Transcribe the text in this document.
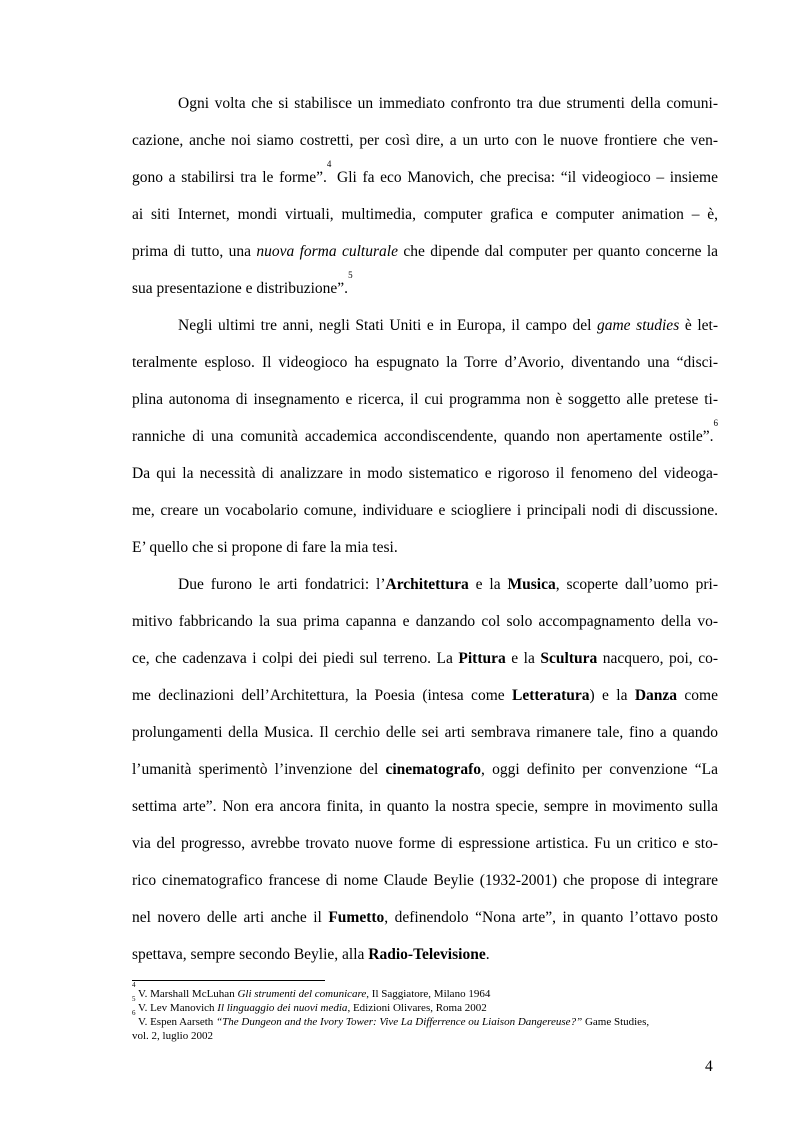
Ogni volta che si stabilisce un immediato confronto tra due strumenti della comuni-
cazione, anche noi siamo costretti, per così dire, a un urto con le nuove frontiere che ven-
gono a stabilirsi tra le forme”.$^4$ Gli fa eco Manovich, che precisa: “il videogioco – insieme
ai siti Internet, mondi virtuali, multimedia, computer grafica e computer animation – è,
prima di tutto, una nuova forma culturale che dipende dal computer per quanto concerne la
sua presentazione e distribuzione”.$^5$
Negli ultimi tre anni, negli Stati Uniti e in Europa, il campo del game studies è let-
teralmente esploso. Il videogioco ha espugnato la Torre d’Avorio, diventando una “disci-
plina autonoma di insegnamento e ricerca, il cui programma non è soggetto alle pretese ti-
ranniche di una comunità accademica accondiscendente, quando non apertamente ostile”.$^6$
Da qui la necessità di analizzare in modo sistematico e rigoroso il fenomeno del videoga-
me, creare un vocabolario comune, individuare e sciogliere i principali nodi di discussione.
E’ quello che si propone di fare la mia tesi.
Due furono le arti fondatrici: l’Architettura e la Musica, scoperte dall’uomo pri-
mitivo fabbricando la sua prima capanna e danzando col solo accompagnamento della vo-
ce, che cadenzava i colpi dei piedi sul terreno. La Pittura e la Scultura nacquero, poi, co-
me declinazioni dell’Architettura, la Poesia (intesa come Letteratura) e la Danza come
prolungamenti della Musica. Il cerchio delle sei arti sembrava rimanere tale, fino a quando
l’umanità sperimentò l’invenzione del cinematografo, oggi definito per convenzione “La
settima arte”. Non era ancora finita, in quanto la nostra specie, sempre in movimento sulla
via del progresso, avrebbe trovato nuove forme di espressione artistica. Fu un critico e sto-
rico cinematografico francese di nome Claude Beylie (1932-2001) che propose di integrare
nel novero delle arti anche il Fumetto, definendolo “Nona arte”, in quanto l’ottavo posto
spettava, sempre secondo Beylie, alla Radio-Televisione.
$^4$ V. Marshall McLuhan Gli strumenti del comunicare, Il Saggiatore, Milano 1964
$^5$ V. Lev Manovich Il linguaggio dei nuovi media, Edizioni Olivares, Roma 2002
$^6$ V. Espen Aarseth “The Dungeon and the Ivory Tower: Vive La Differrence ou Liaison Dangereuse?” Game Studies,
vol. 2, luglio 2002
4
